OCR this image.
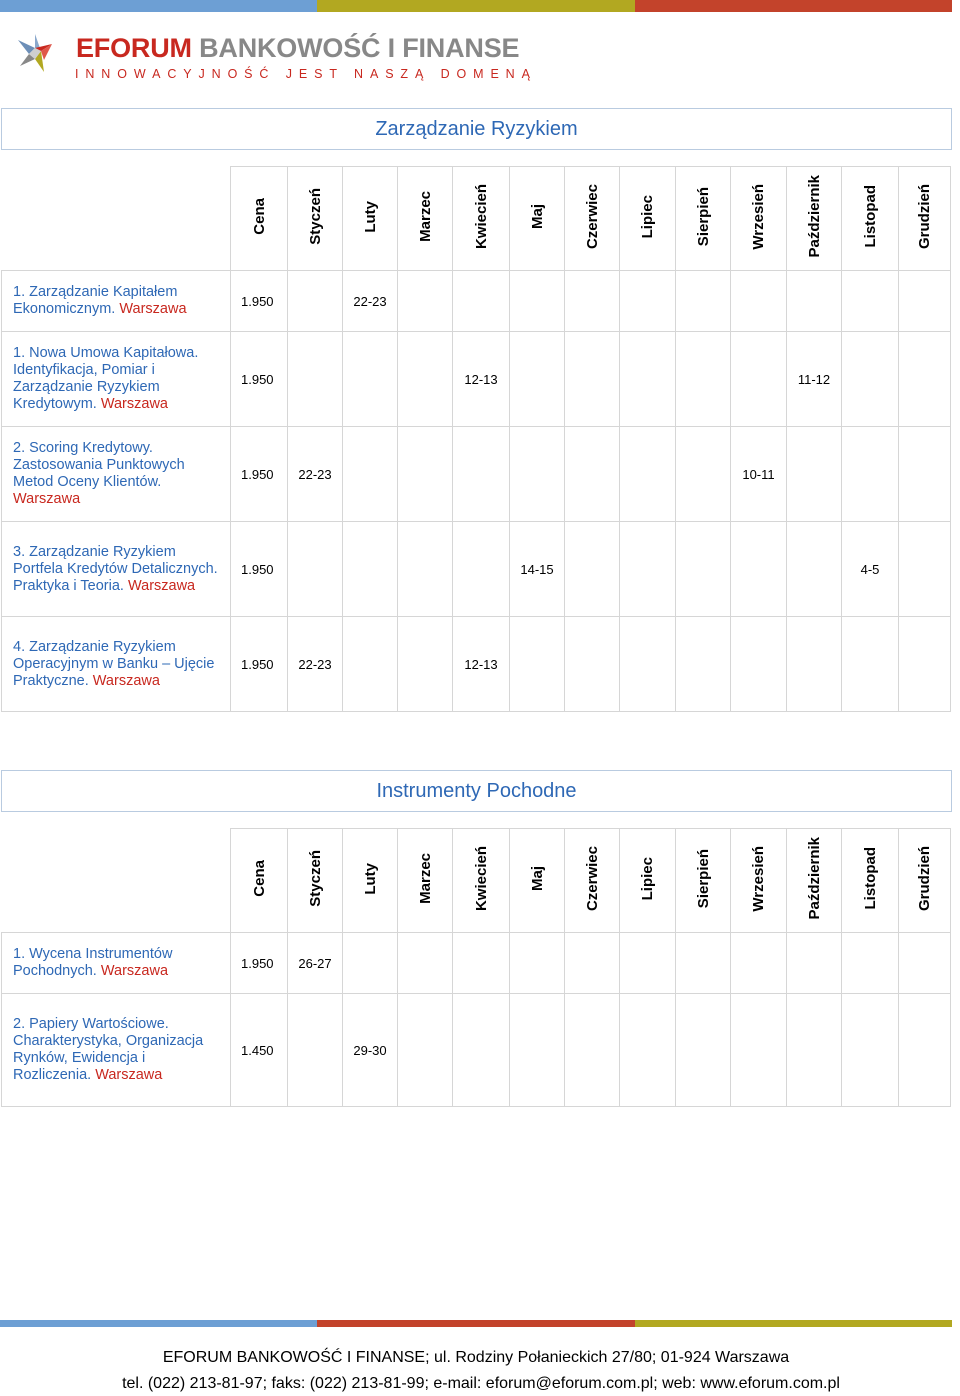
EFORUM BANKOWOŚĆ I FINANSE
INNOWACYJNOŚĆ JEST NASZĄ DOMENĄ
Zarządzanie Ryzykiem
	Cena	Styczeń	Luty	Marzec	Kwiecień	Maj	Czerwiec	Lipiec	Sierpień	Wrzesień	Październik	Listopad	Grudzień
1. Zarządzanie Kapitałem Ekonomicznym. Warszawa	1.950		22-23										
1. Nowa Umowa Kapitałowa. Identyfikacja, Pomiar i Zarządzanie Ryzykiem Kredytowym. Warszawa	1.950				12-13						11-12		
2. Scoring Kredytowy. Zastosowania Punktowych Metod Oceny Klientów. Warszawa	1.950	22-23								10-11			
3. Zarządzanie Ryzykiem Portfela Kredytów Detalicznych. Praktyka i Teoria. Warszawa	1.950					14-15						4-5	
4. Zarządzanie Ryzykiem Operacyjnym w Banku – Ujęcie Praktyczne. Warszawa	1.950	22-23			12-13								
Instrumenty Pochodne
	Cena	Styczeń	Luty	Marzec	Kwiecień	Maj	Czerwiec	Lipiec	Sierpień	Wrzesień	Październik	Listopad	Grudzień
1. Wycena Instrumentów Pochodnych. Warszawa	1.950	26-27											
2. Papiery Wartościowe. Charakterystyka, Organizacja Rynków, Ewidencja i Rozliczenia. Warszawa	1.450		29-30										
EFORUM BANKOWOŚĆ I FINANSE; ul. Rodziny Połanieckich 27/80; 01-924 Warszawa
tel. (022) 213-81-97; faks: (022) 213-81-99; e-mail: eforum@eforum.com.pl; web: www.eforum.com.pl
